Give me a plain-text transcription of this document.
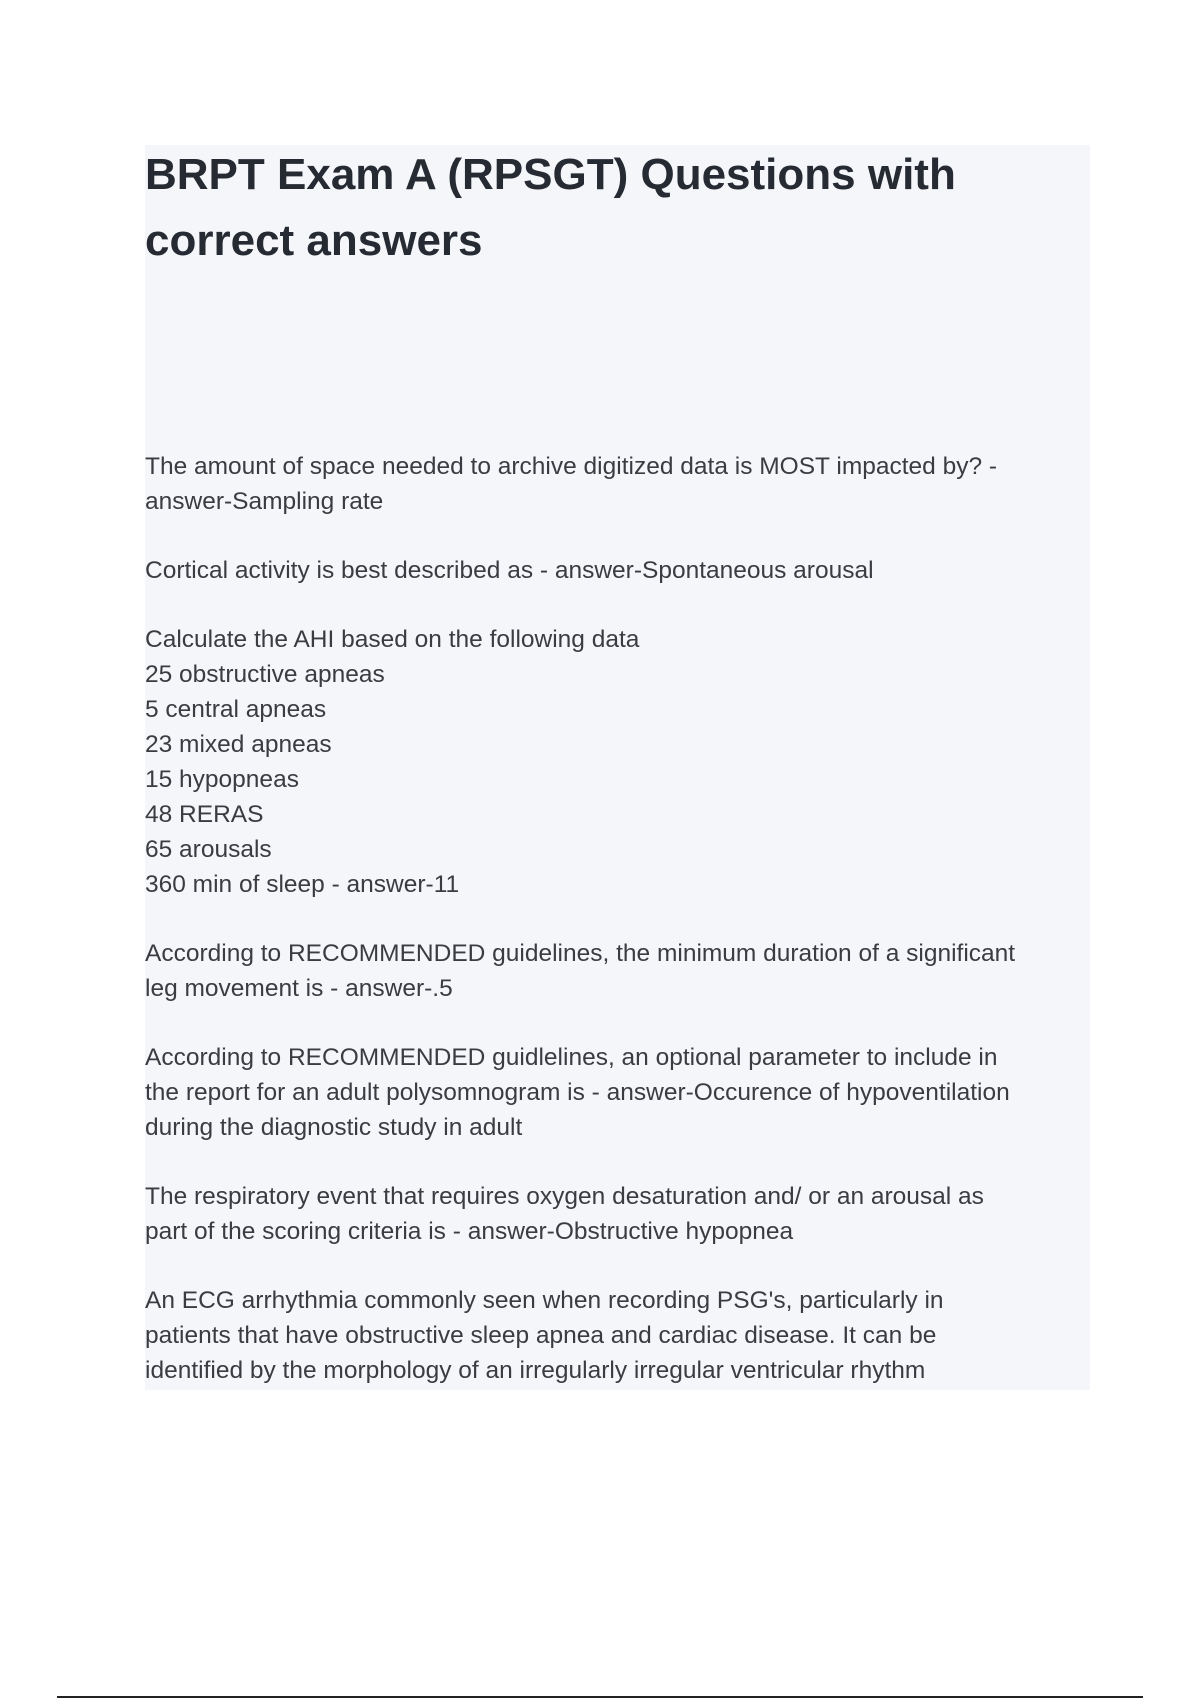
BRPT Exam A (RPSGT) Questions with
correct answers
The amount of space needed to archive digitized data is MOST impacted by? -
answer-Sampling rate
Cortical activity is best described as - answer-Spontaneous arousal
Calculate the AHI based on the following data
25 obstructive apneas
5 central apneas
23 mixed apneas
15 hypopneas
48 RERAS
65 arousals
360 min of sleep - answer-11
According to RECOMMENDED guidelines, the minimum duration of a significant
leg movement is - answer-.5
According to RECOMMENDED guidlelines, an optional parameter to include in
the report for an adult polysomnogram is - answer-Occurence of hypoventilation
during the diagnostic study in adult
The respiratory event that requires oxygen desaturation and/ or an arousal as
part of the scoring criteria is - answer-Obstructive hypopnea
An ECG arrhythmia commonly seen when recording PSG's, particularly in
patients that have obstructive sleep apnea and cardiac disease. It can be
identified by the morphology of an irregularly irregular ventricular rhythm
